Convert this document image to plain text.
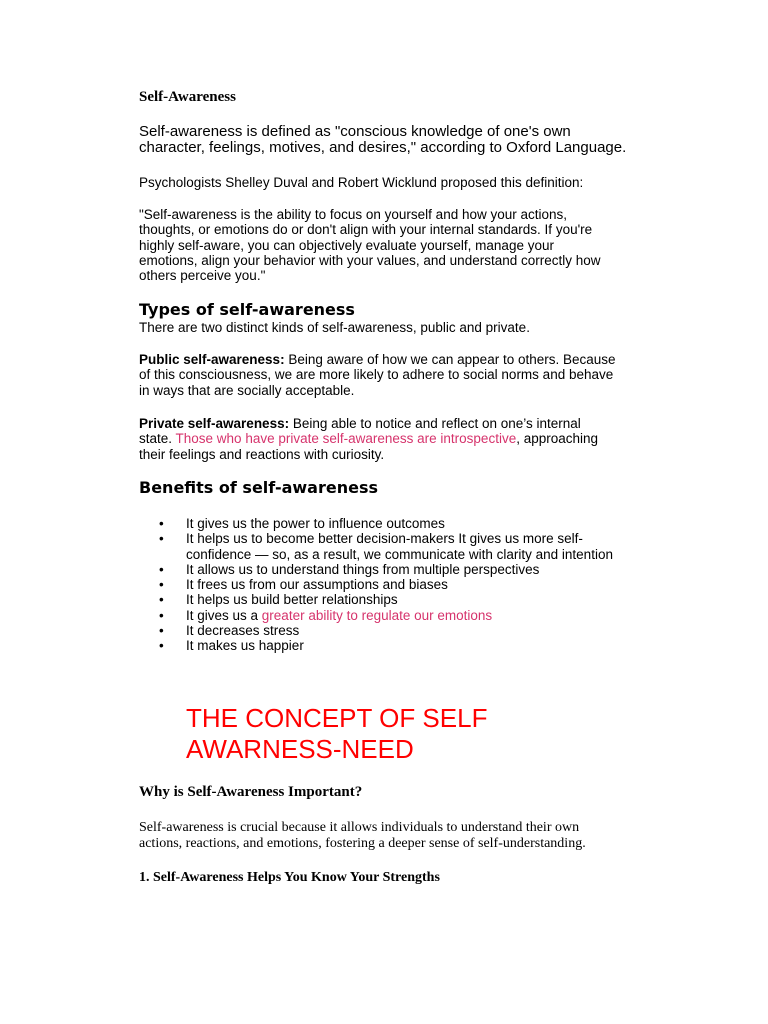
Self-Awareness
Self-awareness is defined as "conscious knowledge of one's own
character, feelings, motives, and desires," according to Oxford Language.

Psychologists Shelley Duval and Robert Wicklund proposed this definition:

"Self-awareness is the ability to focus on yourself and how your actions,
thoughts, or emotions do or don't align with your internal standards. If you're
highly self-aware, you can objectively evaluate yourself, manage your
emotions, align your behavior with your values, and understand correctly how
others perceive you."
Types of self-awareness

There are two distinct kinds of self-awareness, public and private.

Public self-awareness: Being aware of how we can appear to others. Because
of this consciousness, we are more likely to adhere to social norms and behave
in ways that are socially acceptable.
Private self-awareness: Being able to notice and reflect on one’s internal
state. Those who have private self-awareness are introspective, approaching
their feelings and reactions with curiosity.
Benefits of self-awareness
• It gives us the power to influence outcomes
• It helps us to become better decision-makers It gives us more self-
confidence — so, as a result, we communicate with clarity and intention
• It allows us to understand things from multiple perspectives
• It frees us from our assumptions and biases
• It helps us build better relationships
• It gives us a greater ability to regulate our emotions
• It decreases stress
• It makes us happier
THE CONCEPT OF SELF
AWARNESS-NEED
Why is Self-Awareness Important?
Self-awareness is crucial because it allows individuals to understand their own
actions, reactions, and emotions, fostering a deeper sense of self-understanding.
1. Self-Awareness Helps You Know Your Strengths
